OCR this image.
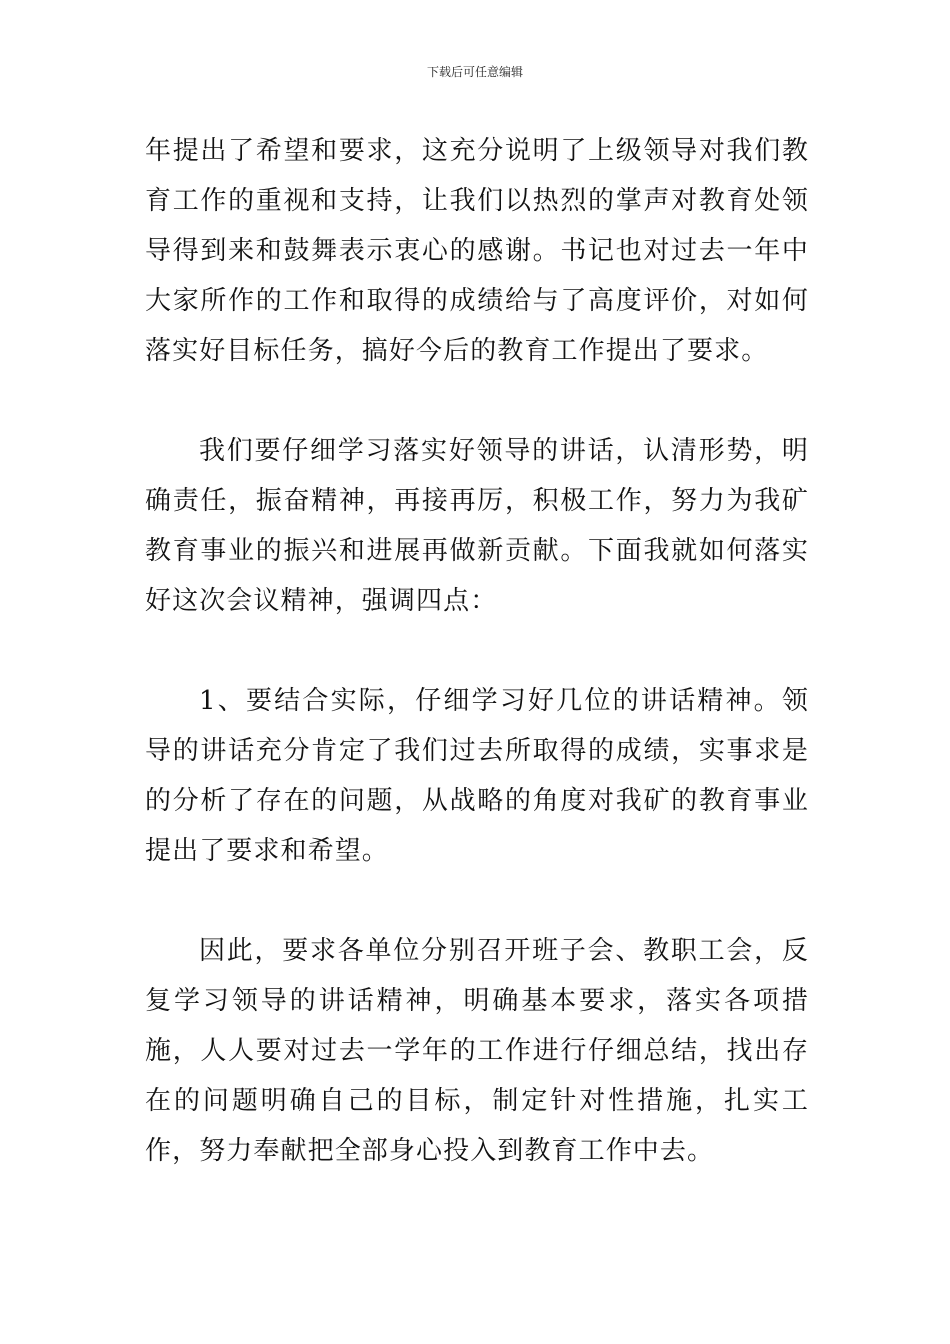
下载后可任意编辑

年提出了希望和要求，这充分说明了上级领导对我们教育工作的重视和支持，让我们以热烈的掌声对教育处领导得到来和鼓舞表示衷心的感谢。书记也对过去一年中大家所作的工作和取得的成绩给与了高度评价，对如何落实好目标任务，搞好今后的教育工作提出了要求。

我们要仔细学习落实好领导的讲话，认清形势，明确责任，振奋精神，再接再厉，积极工作，努力为我矿教育事业的振兴和进展再做新贡献。下面我就如何落实好这次会议精神，强调四点：

1、要结合实际，仔细学习好几位的讲话精神。领导的讲话充分肯定了我们过去所取得的成绩，实事求是的分析了存在的问题，从战略的角度对我矿的教育事业提出了要求和希望。

因此，要求各单位分别召开班子会、教职工会，反复学习领导的讲话精神，明确基本要求，落实各项措施，人人要对过去一学年的工作进行仔细总结，找出存在的问题明确自己的目标，制定针对性措施，扎实工作，努力奉献把全部身心投入到教育工作中去。
